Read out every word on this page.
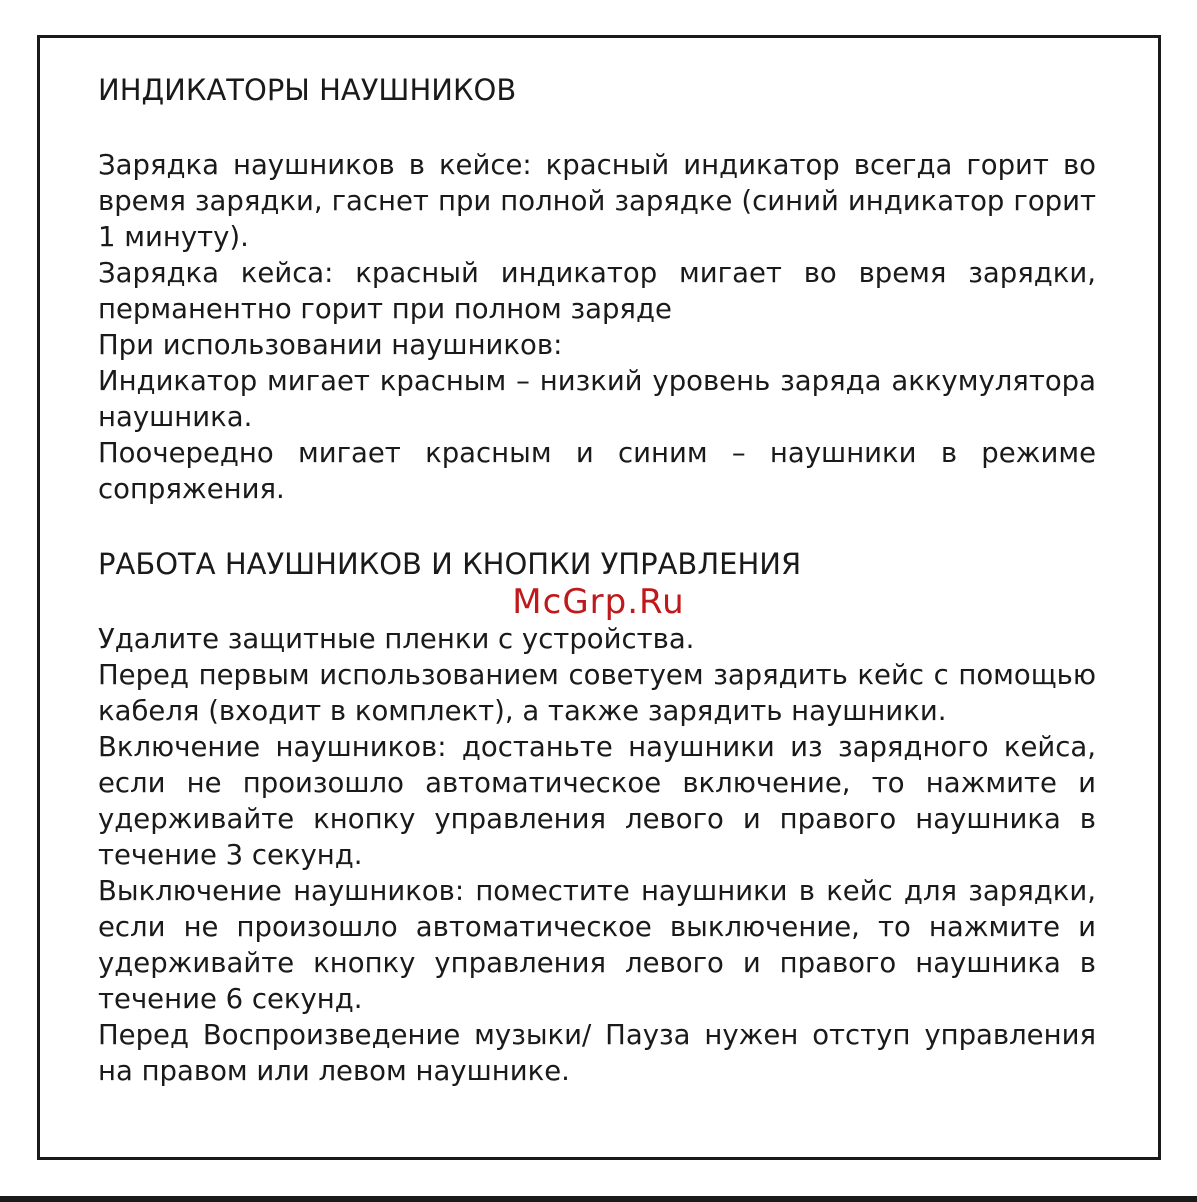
ИНДИКАТОРЫ НАУШНИКОВ

Зарядка наушников в кейсе: красный индикатор всегда горит во время зарядки, гаснет при полной зарядке (синий индикатор горит 1 минуту).

Зарядка кейса: красный индикатор мигает во время зарядки, перманентно горит при полном заряде

При использовании наушников:

Индикатор мигает красным – низкий уровень заряда аккумулятора наушника.

Поочередно мигает красным и синим – наушники в режиме сопряжения.

РАБОТА НАУШНИКОВ И КНОПКИ УПРАВЛЕНИЯ

Удалите защитные пленки с устройства.

Перед первым использованием советуем зарядить кейс с помощью кабеля (входит в комплект), а также зарядить наушники.

Включение наушников: достаньте наушники из зарядного кейса, если не произошло автоматическое включение, то нажмите и удерживайте кнопку управления левого и правого наушника в течение 3 секунд.

Выключение наушников: поместите наушники в кейс для зарядки, если не произошло автоматическое выключение, то нажмите и удерживайте кнопку управления левого и правого наушника в течение 6 секунд.

Перед Воспроизведение музыки/ Пауза нужен отступ управления на правом или левом наушнике.

McGrp.Ru
